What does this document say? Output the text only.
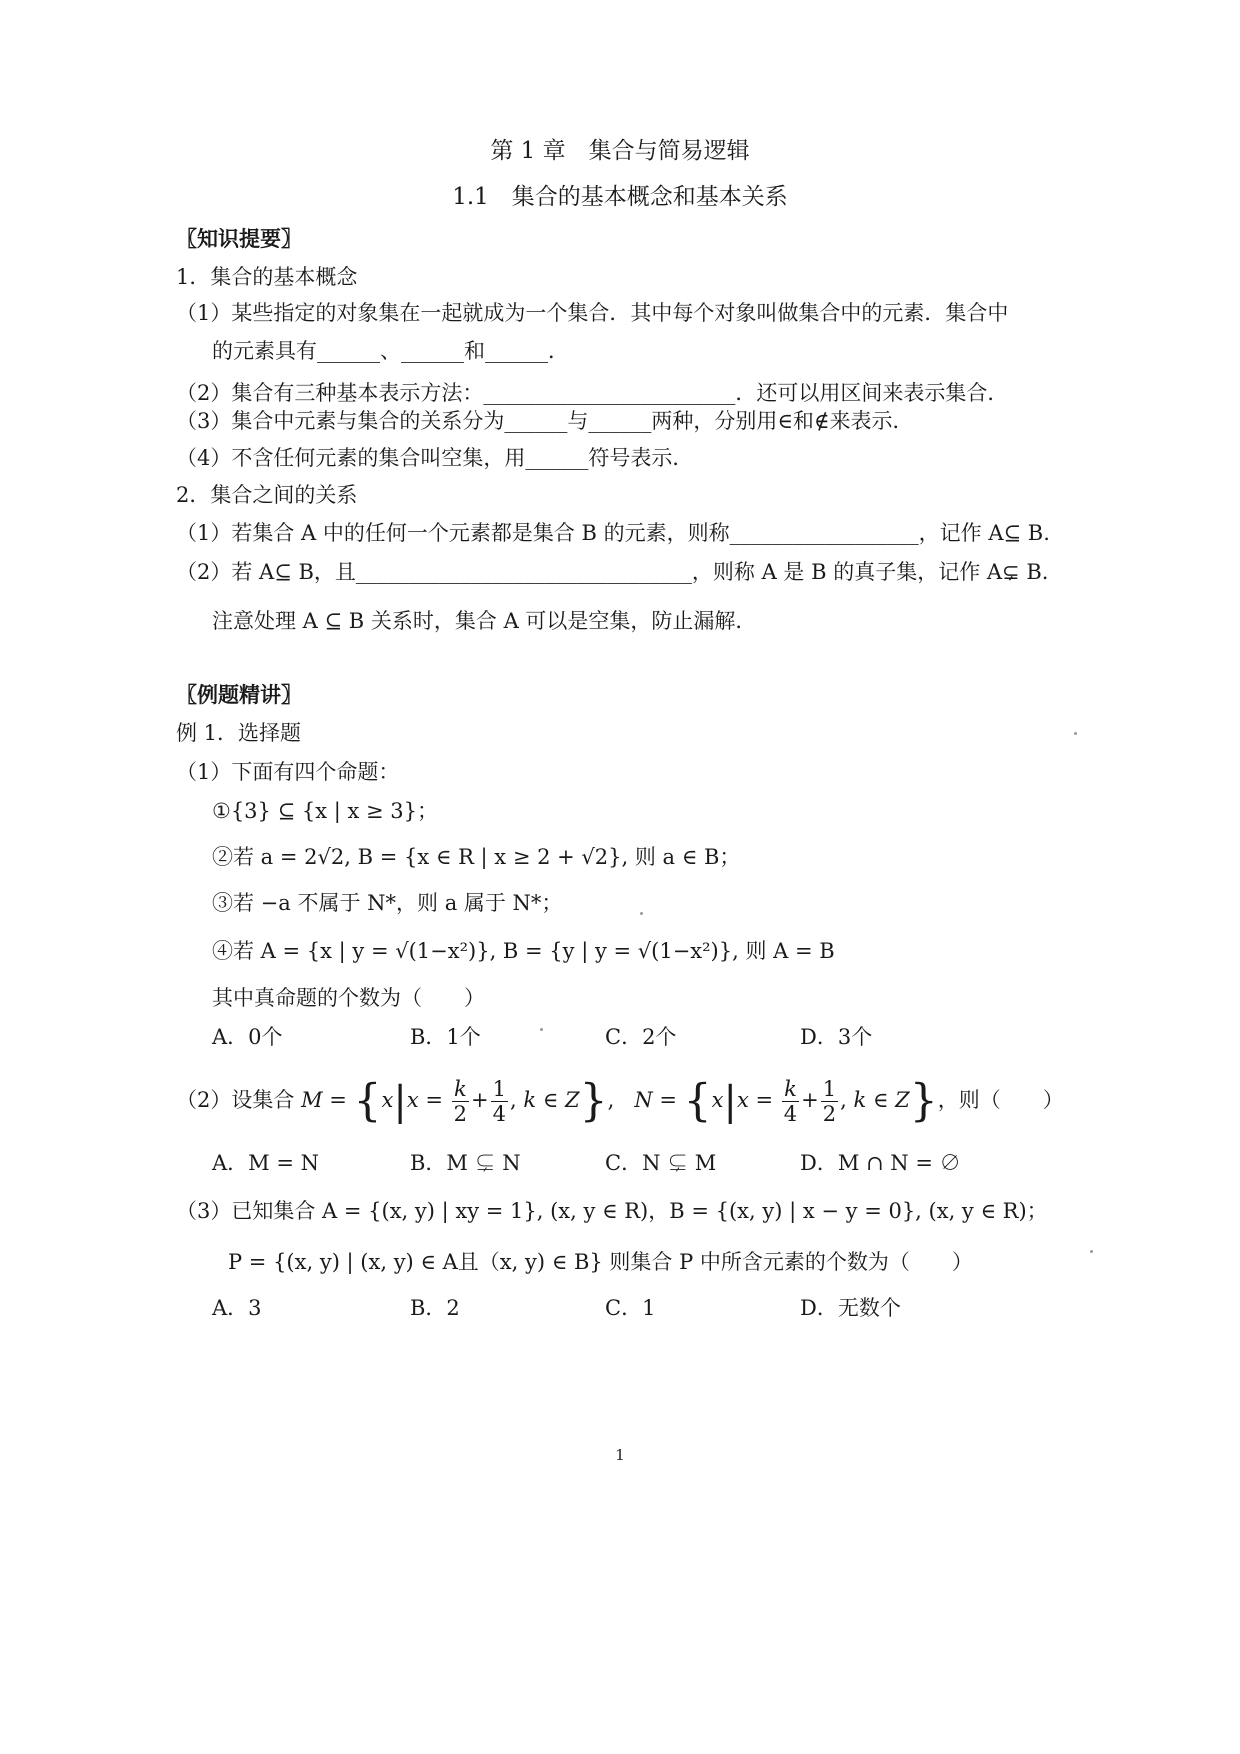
第 1 章　集合与简易逻辑
1.1　集合的基本概念和基本关系
〖知识提要〗
1．集合的基本概念
（1）某些指定的对象集在一起就成为一个集合．其中每个对象叫做集合中的元素．集合中
的元素具有______、______和______．
（2）集合有三种基本表示方法：________________________．还可以用区间来表示集合．
（3）集合中元素与集合的关系分为______与______两种，分别用∈和∉来表示．
（4）不含任何元素的集合叫空集，用______符号表示．
2．集合之间的关系
（1）若集合 A 中的任何一个元素都是集合 B 的元素，则称__________________，记作 A⊆ B.
（2）若 A⊆ B，且________________________________，则称 A 是 B 的真子集，记作 A⊊ B.
注意处理 A ⊆ B 关系时，集合 A 可以是空集，防止漏解．
〖例题精讲〗
例 1．选择题
（1）下面有四个命题：
①{3} ⊆ {x | x ≥ 3}；
②若 a = 2√2, B = {x ∈ R | x ≥ 2 + √2}, 则 a ∈ B；
③若 −a 不属于 N*，则 a 属于 N*；
④若 A = {x | y = √(1−x²)}, B = {y | y = √(1−x²)}, 则 A = B
其中真命题的个数为（　　）
A．0个	B．1个	C．2个	D．3个
（2）设集合 $M = \{x|x = \frac{k}{2} + \frac{1}{4}$ , k ∈ Z},   $N = \{x|x = \frac{k}{4} + \frac{1}{2}$ , k ∈ Z}，则（　　）
A．M = N	B．M ⊊ N	C．N ⊊ M	D．M ∩ N = ∅
（3）已知集合 A = {(x, y) | xy = 1}, (x, y ∈ R)，B = {(x, y) | x − y = 0}, (x, y ∈ R)；
P = {(x, y) | (x, y) ∈ A且（x, y) ∈ B} 则集合 P 中所含元素的个数为（　　）
A．3	B．2	C．1	D．无数个
1
